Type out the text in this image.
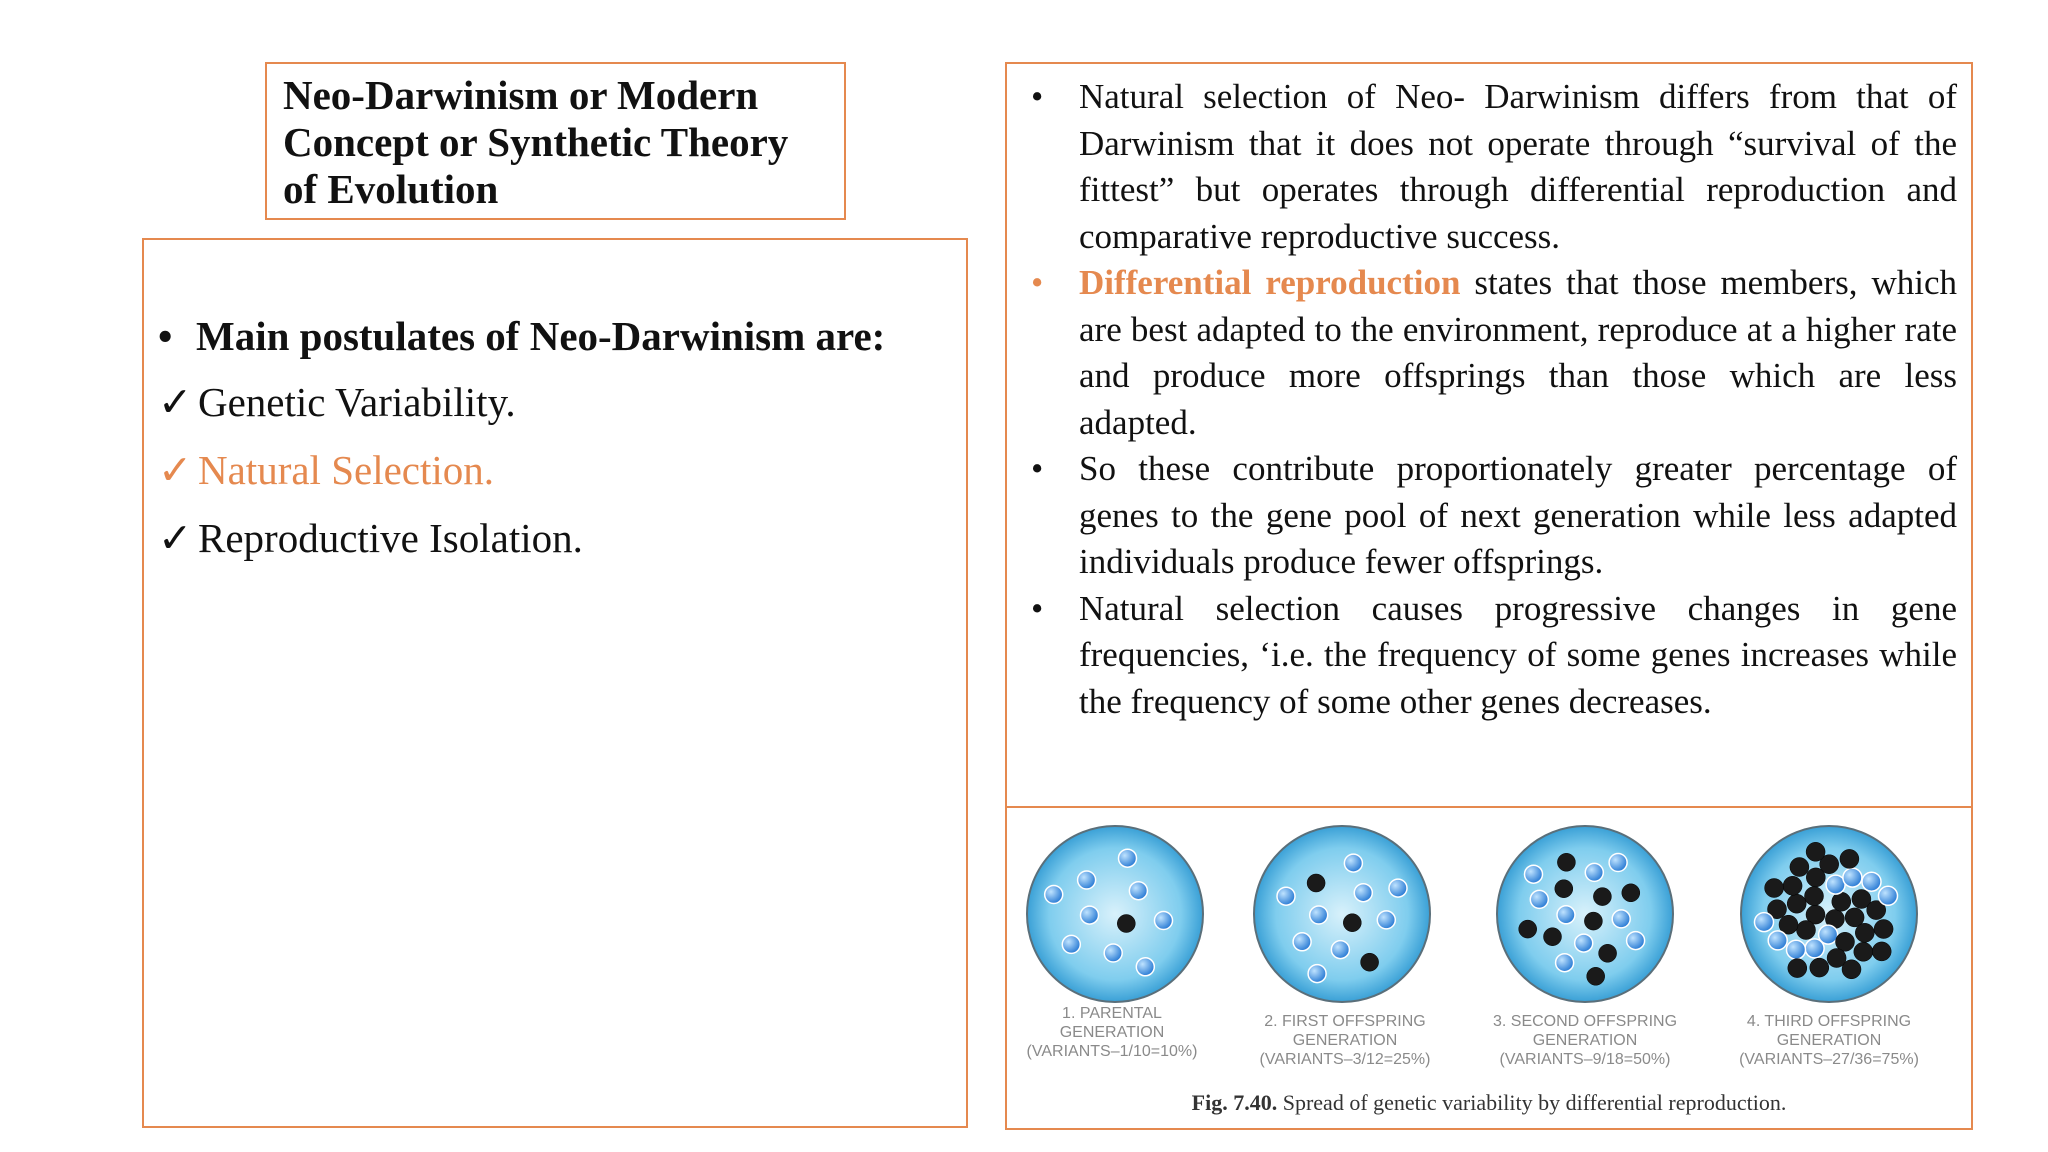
Neo-Darwinism or Modern
Concept or Synthetic Theory
of Evolution

• Main postulates of Neo-Darwinism are:
✓ Genetic Variability.
✓ Natural Selection.
✓ Reproductive Isolation.
• Natural selection of Neo- Darwinism differs from that of Darwinism that it does not operate through “survival of the fittest” but operates through differential reproduction and comparative reproductive success.
• Differential reproduction states that those members, which are best adapted to the environment, reproduce at a higher rate and produce more offsprings than those which are less adapted.
• So these contribute proportionately greater percentage of genes to the gene pool of next generation while less adapted individuals produce fewer offsprings.
• Natural selection causes progressive changes in gene frequencies, ‘i.e. the frequency of some genes increases while the frequency of some other genes decreases.
1. PARENTAL
GENERATION
(VARIANTS–1/10=10%)
2. FIRST OFFSPRING
GENERATION
(VARIANTS–3/12=25%)
3. SECOND OFFSPRING
GENERATION
(VARIANTS–9/18=50%)
4. THIRD OFFSPRING
GENERATION
(VARIANTS–27/36=75%)
Fig. 7.40. Spread of genetic variability by differential reproduction.
